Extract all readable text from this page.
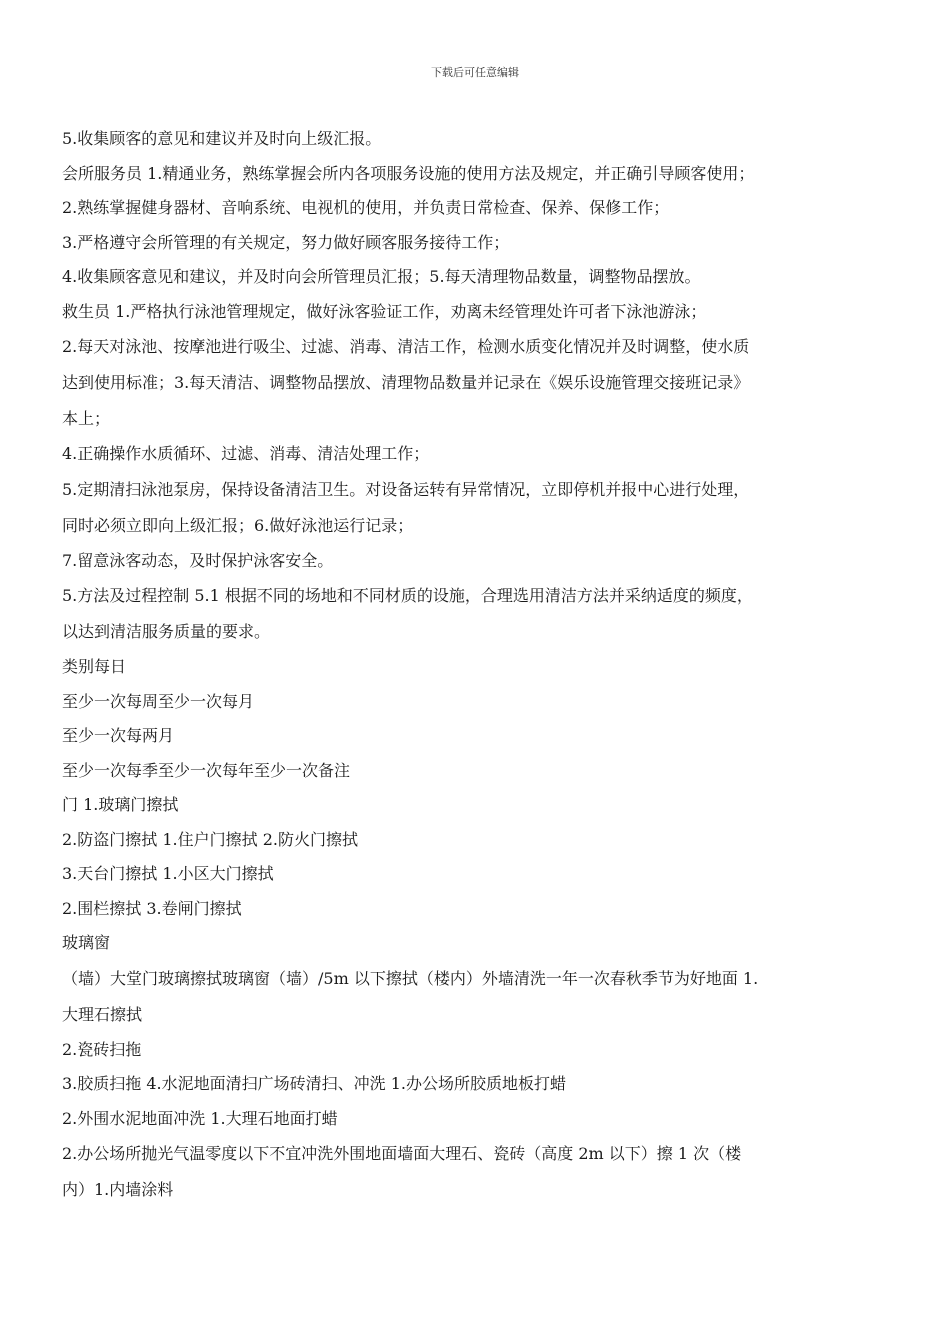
下载后可任意编辑
5.收集顾客的意见和建议并及时向上级汇报。
会所服务员 1.精通业务，熟练掌握会所内各项服务设施的使用方法及规定，并正确引导顾客使用；
2.熟练掌握健身器材、音响系统、电视机的使用，并负责日常检查、保养、保修工作；
3.严格遵守会所管理的有关规定，努力做好顾客服务接待工作；
4.收集顾客意见和建议，并及时向会所管理员汇报；5.每天清理物品数量，调整物品摆放。
救生员 1.严格执行泳池管理规定，做好泳客验证工作，劝离未经管理处许可者下泳池游泳；
2.每天对泳池、按摩池进行吸尘、过滤、消毒、清洁工作，检测水质变化情况并及时调整，使水质
达到使用标准；3.每天清洁、调整物品摆放、清理物品数量并记录在《娱乐设施管理交接班记录》
本上；
4.正确操作水质循环、过滤、消毒、清洁处理工作；
5.定期清扫泳池泵房，保持设备清洁卫生。对设备运转有异常情况，立即停机并报中心进行处理，
同时必须立即向上级汇报；6.做好泳池运行记录；
7.留意泳客动态，及时保护泳客安全。
5.方法及过程控制 5.1 根据不同的场地和不同材质的设施，合理选用清洁方法并采纳适度的频度，
以达到清洁服务质量的要求。
类别每日
至少一次每周至少一次每月
至少一次每两月
至少一次每季至少一次每年至少一次备注
门 1.玻璃门擦拭
2.防盗门擦拭 1.住户门擦拭 2.防火门擦拭
3.天台门擦拭 1.小区大门擦拭
2.围栏擦拭 3.卷闸门擦拭
玻璃窗
（墙）大堂门玻璃擦拭玻璃窗（墙）/5m 以下擦拭（楼内）外墙清洗一年一次春秋季节为好地面 1.
大理石擦拭
2.瓷砖扫拖
3.胶质扫拖 4.水泥地面清扫广场砖清扫、冲洗 1.办公场所胶质地板打蜡
2.外围水泥地面冲洗 1.大理石地面打蜡
2.办公场所抛光气温零度以下不宜冲洗外围地面墙面大理石、瓷砖（高度 2m 以下）擦 1 次（楼
内）1.内墙涂料
